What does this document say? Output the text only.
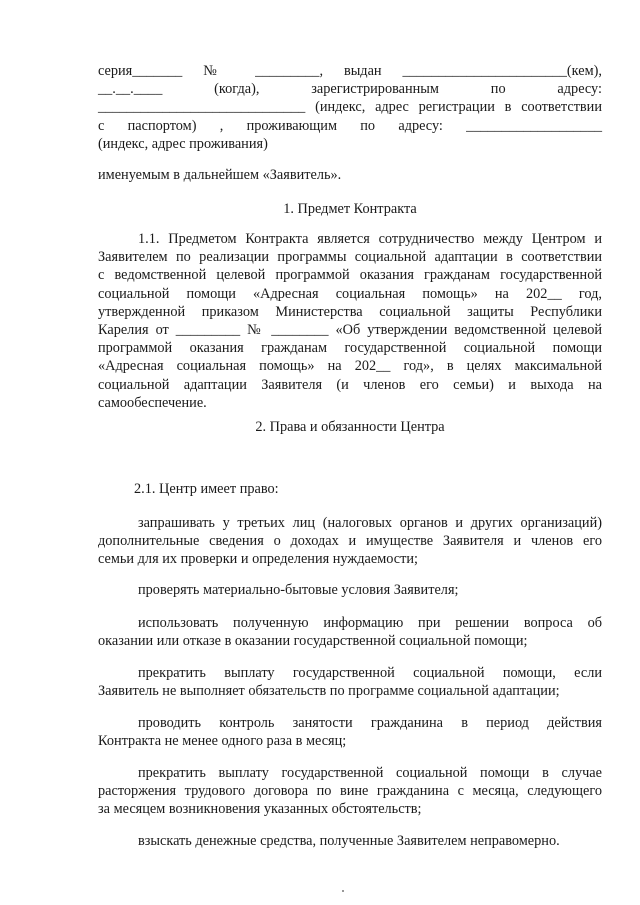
серия_______ № _________, выдан _______________________(кем),
__.__.____ (когда), зарегистрированным по адресу:
_____________________________ (индекс, адрес регистрации в соответствии
с паспортом) , проживающим по адресу: ___________________
(индекс, адрес проживания)
именуемым в дальнейшем «Заявитель».
1. Предмет Контракта
1.1. Предметом Контракта является сотрудничество между Центром и
Заявителем по реализации программы социальной адаптации в соответствии
с ведомственной целевой программой оказания гражданам государственной
социальной помощи «Адресная социальная помощь» на 202__ год,
утвержденной приказом Министерства социальной защиты Республики
Карелия от _________ № ________ «Об утверждении ведомственной целевой
программой оказания гражданам государственной социальной помощи
«Адресная социальная помощь» на 202__ год», в целях максимальной
социальной адаптации Заявителя (и членов его семьи) и выхода на
самообеспечение.
2. Права и обязанности Центра
2.1. Центр имеет право:
запрашивать у третьих лиц (налоговых органов и других организаций)
дополнительные сведения о доходах и имуществе Заявителя и членов его
семьи для их проверки и определения нуждаемости;
проверять материально-бытовые условия Заявителя;
использовать полученную информацию при решении вопроса об
оказании или отказе в оказании государственной социальной помощи;
прекратить выплату государственной социальной помощи, если
Заявитель не выполняет обязательств по программе социальной адаптации;
проводить контроль занятости гражданина в период действия
Контракта не менее одного раза в месяц;
прекратить выплату государственной социальной помощи в случае
расторжения трудового договора по вине гражданина с месяца, следующего
за месяцем возникновения указанных обстоятельств;
взыскать денежные средства, полученные Заявителем неправомерно.
